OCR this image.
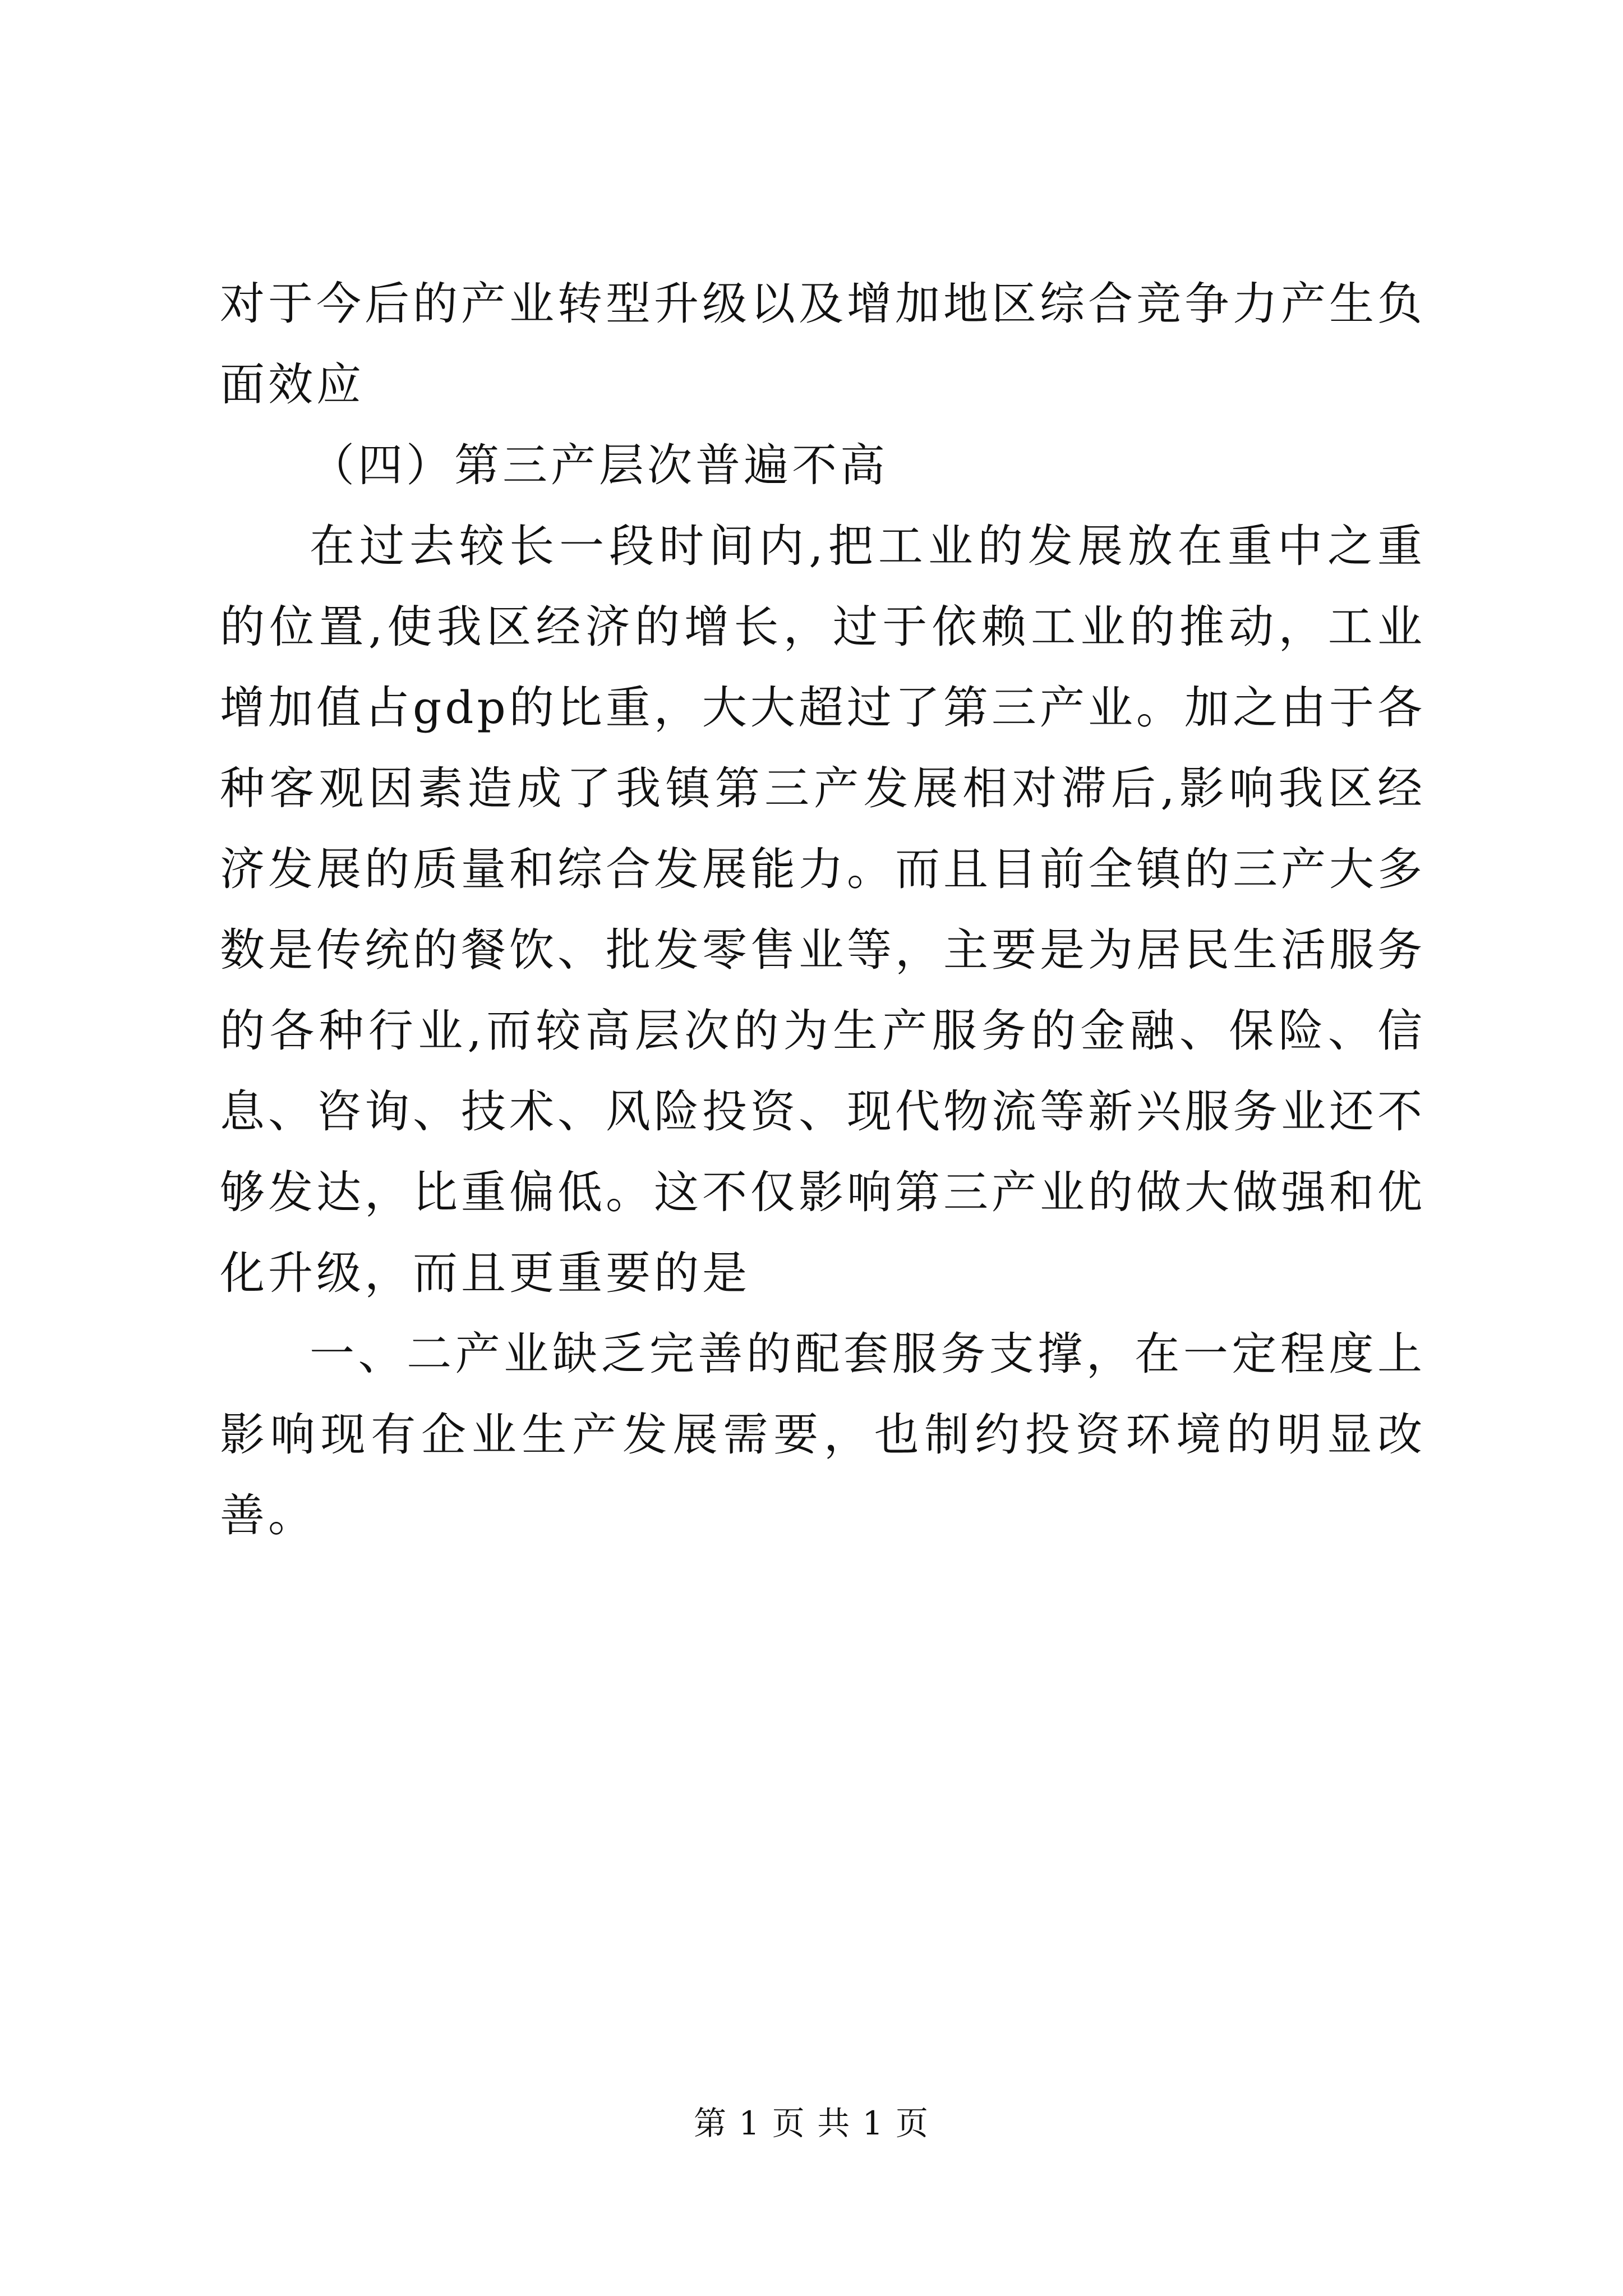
对于今后的产业转型升级以及增加地区综合竞争力产生负面效应

（四）第三产层次普遍不高

在过去较长一段时间内,把工业的发展放在重中之重的位置,使我区经济的增长，过于依赖工业的推动，工业增加值占gdp的比重，大大超过了第三产业。加之由于各种客观因素造成了我镇第三产发展相对滞后,影响我区经济发展的质量和综合发展能力。而且目前全镇的三产大多数是传统的餐饮、批发零售业等，主要是为居民生活服务的各种行业,而较高层次的为生产服务的金融、保险、信息、咨询、技术、风险投资、现代物流等新兴服务业还不够发达，比重偏低。这不仅影响第三产业的做大做强和优化升级，而且更重要的是

一、二产业缺乏完善的配套服务支撑，在一定程度上影响现有企业生产发展需要，也制约投资环境的明显改善。

第 1 页 共 1 页
